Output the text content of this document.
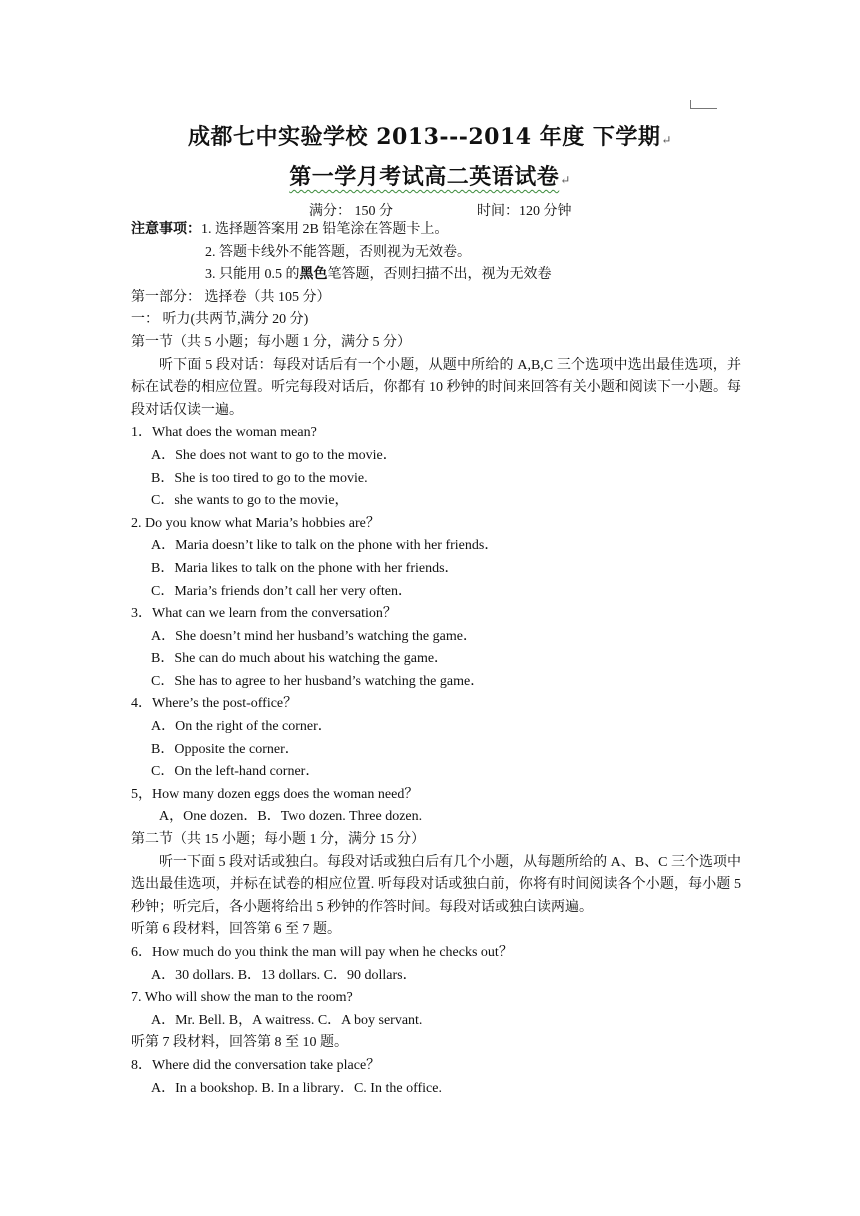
成都七中实验学校 2013---2014 年度 下学期↵
第一学月考试高二英语试卷↵
满分： 150 分	时间：120 分钟
注意事项：1. 选择题答案用 2B 铅笔涂在答题卡上。
2. 答题卡线外不能答题，否则视为无效卷。
3. 只能用 0.5 的黑色笔答题，否则扫描不出，视为无效卷
第一部分： 选择卷（共 105 分）
一： 听力(共两节,满分 20 分)
第一节（共 5 小题；每小题 1 分，满分 5 分）
听下面 5 段对话：每段对话后有一个小题，从题中所给的 A,B,C 三个选项中选出最佳选项，并标在试卷的相应位置。听完每段对话后，你都有 10 秒钟的时间来回答有关小题和阅读下一小题。每段对话仅读一遍。
1．What does the woman mean?
A．She does not want to go to the movie．
B．She is too tired to go to the movie.
C．she wants to go to the movie，
2. Do you know what Maria’s hobbies are？
A．Maria doesn’t like to talk on the phone with her friends．
B．Maria likes to talk on the phone with her friends．
C．Maria’s friends don’t call her very often．
3．What can we learn from the conversation？
A．She doesn’t mind her husband’s watching the game．
B．She can do much about his watching the game．
C．She has to agree to her husband’s watching the game．
4．Where’s the post-office？
A．On the right of the corner．
B．Opposite the corner．
C．On the left-hand corner．
5，How many dozen eggs does the woman need？
A，One dozen．B．Two dozen. Three dozen.
第二节（共 15 小题；每小题 1 分，满分 15 分）
听一下面 5 段对话或独白。每段对话或独白后有几个小题，从每题所给的 A、B、C 三个选项中选出最佳选项，并标在试卷的相应位置. 听每段对话或独白前，你将有时间阅读各个小题，每小题 5 秒钟；听完后，各小题将给出 5 秒钟的作答时间。每段对话或独白读两遍。
听第 6 段材料，回答第 6 至 7 题。
6．How much do you think the man will pay when he checks out？
A．30 dollars. B．13 dollars. C．90 dollars．
7. Who will show the man to the room?
A．Mr. Bell. B，A waitress. C．A boy servant.
听第 7 段材料，回答第 8 至 10 题。
8．Where did the conversation take place？
A．In a bookshop. B. In a library．C. In the office.
